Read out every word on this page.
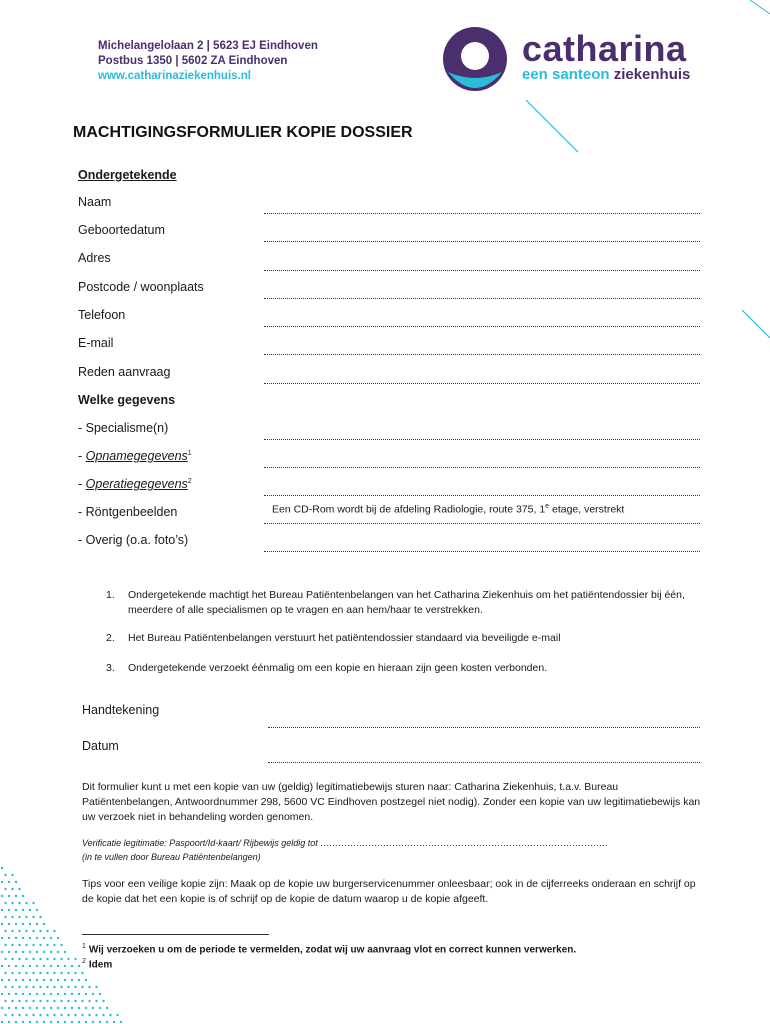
Michelangelolaan 2 | 5623 EJ Eindhoven
Postbus 1350 | 5602 ZA Eindhoven
www.catharinaziekenhuis.nl
catharina
een santeon ziekenhuis
MACHTIGINGSFORMULIER KOPIE DOSSIER
Ondergetekende
Naam
Geboortedatum
Adres
Postcode / woonplaats
Telefoon
E-mail
Reden aanvraag
Welke gegevens
- Specialisme(n)
- Opnamegegevens$^1$
- Operatiegegevens$^2$
- Röntgenbeelden	Een CD-Rom wordt bij de afdeling Radiologie, route 375, 1e etage, verstrekt
- Overig (o.a. foto’s)
1. Ondergetekende machtigt het Bureau Patiëntenbelangen van het Catharina Ziekenhuis om het patiëntendossier bij één, meerdere of alle specialismen op te vragen en aan hem/haar te verstrekken.
2. Het Bureau Patiëntenbelangen verstuurt het patiëntendossier standaard via beveiligde e-mail
3. Ondergetekende verzoekt éénmalig om een kopie en hieraan zijn geen kosten verbonden.
Handtekening
Datum
Dit formulier kunt u met een kopie van uw (geldig) legitimatiebewijs sturen naar: Catharina Ziekenhuis, t.a.v. Bureau Patiëntenbelangen, Antwoordnummer 298, 5600 VC Eindhoven postzegel niet nodig). Zonder een kopie van uw legitimatiebewijs kan uw verzoek niet in behandeling worden genomen.
Verificatie legitimatie: Paspoort/Id-kaart/ Rijbewijs geldig tot ……………………………………………………………………………………
(in te vullen door Bureau Patiëntenbelangen)
Tips voor een veilige kopie zijn: Maak op de kopie uw burgerservicenummer onleesbaar; ook in de cijferreeks onderaan en schrijf op de kopie dat het een kopie is of schrijf op de kopie de datum waarop u de kopie afgeeft.
$^1$ Wij verzoeken u om de periode te vermelden, zodat wij uw aanvraag vlot en correct kunnen verwerken.
$^2$ Idem
